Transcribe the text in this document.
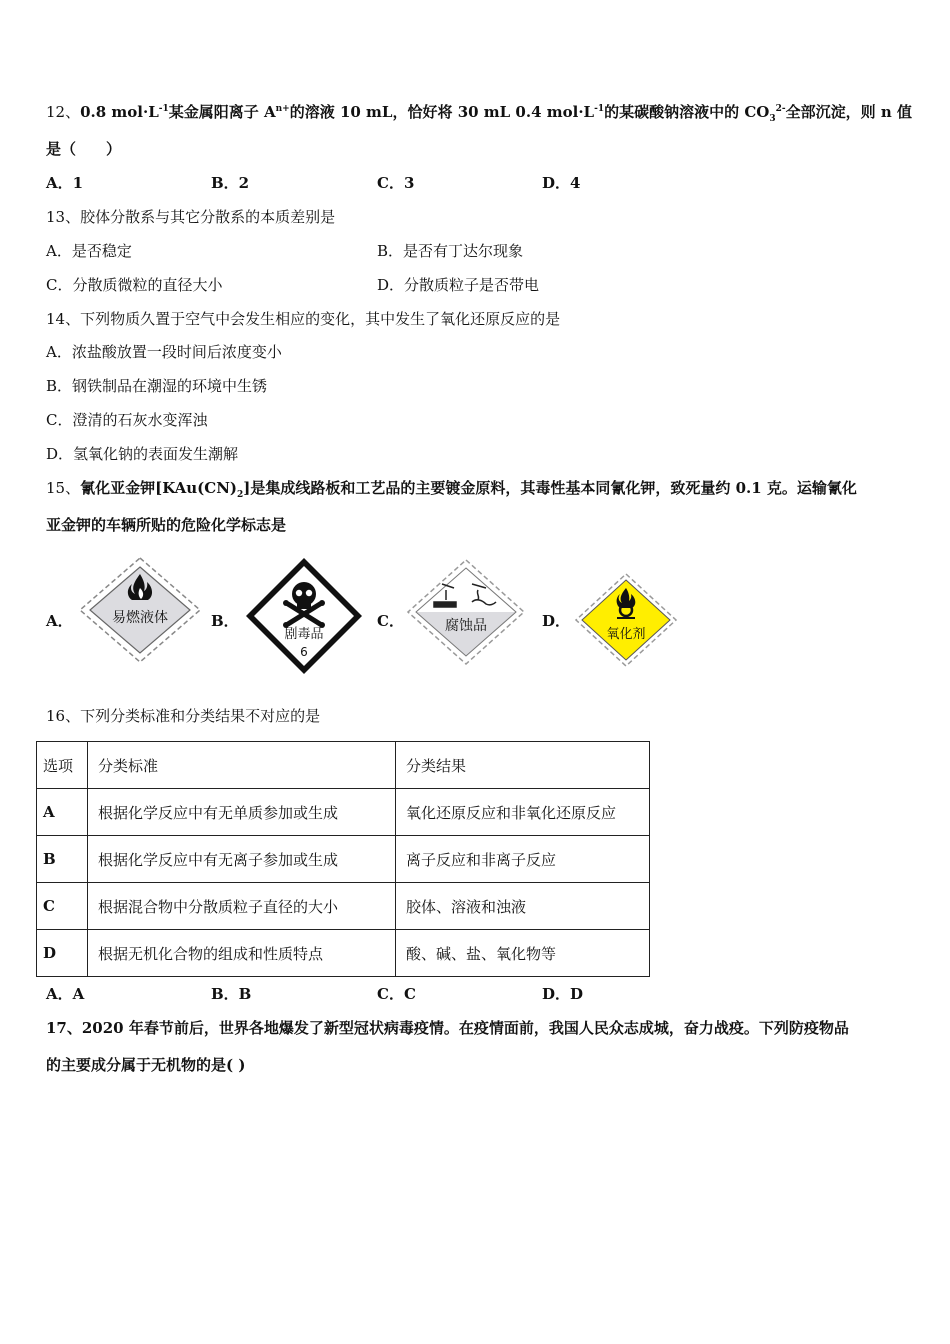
12、0.8 $mol\cdot L^{-1}$某金属阳离子 $A^{n+}$的溶液 10 mL，恰好将 30 mL 0.4 $mol\cdot L^{-1}$的某碳酸钠溶液中的 $CO_3^{2-}$全部沉淀，则 n 值
是（　　）
A．1	B．2	C．3	D．4
13、胶体分散系与其它分散系的本质差别是
A．是否稳定	B．是否有丁达尔现象
C．分散质微粒的直径大小	D．分散质粒子是否带电
14、下列物质久置于空气中会发生相应的变化，其中发生了氧化还原反应的是
A．浓盐酸放置一段时间后浓度变小
B．钢铁制品在潮湿的环境中生锈
C．澄清的石灰水变浑浊
D．氢氧化钠的表面发生潮解
15、氰化亚金钾$[KAu(CN)_2]$是集成线路板和工艺品的主要镀金原料，其毒性基本同氰化钾，致死量约 0.1 克。运输氰化
亚金钾的车辆所贴的危险化学标志是
A．	B．	C．	D．
易燃液体
剧毒品
6
腐蚀品
氧化剂
16、下列分类标准和分类结果不对应的是
选项	分类标准	分类结果
A	根据化学反应中有无单质参加或生成	氧化还原反应和非氧化还原反应
B	根据化学反应中有无离子参加或生成	离子反应和非离子反应
C	根据混合物中分散质粒子直径的大小	胶体、溶液和浊液
D	根据无机化合物的组成和性质特点	酸、碱、盐、氧化物等
A．A	B．B	C．C	D．D
17、2020 年春节前后，世界各地爆发了新型冠状病毒疫情。在疫情面前，我国人民众志成城，奋力战疫。下列防疫物品
的主要成分属于无机物的是( )
